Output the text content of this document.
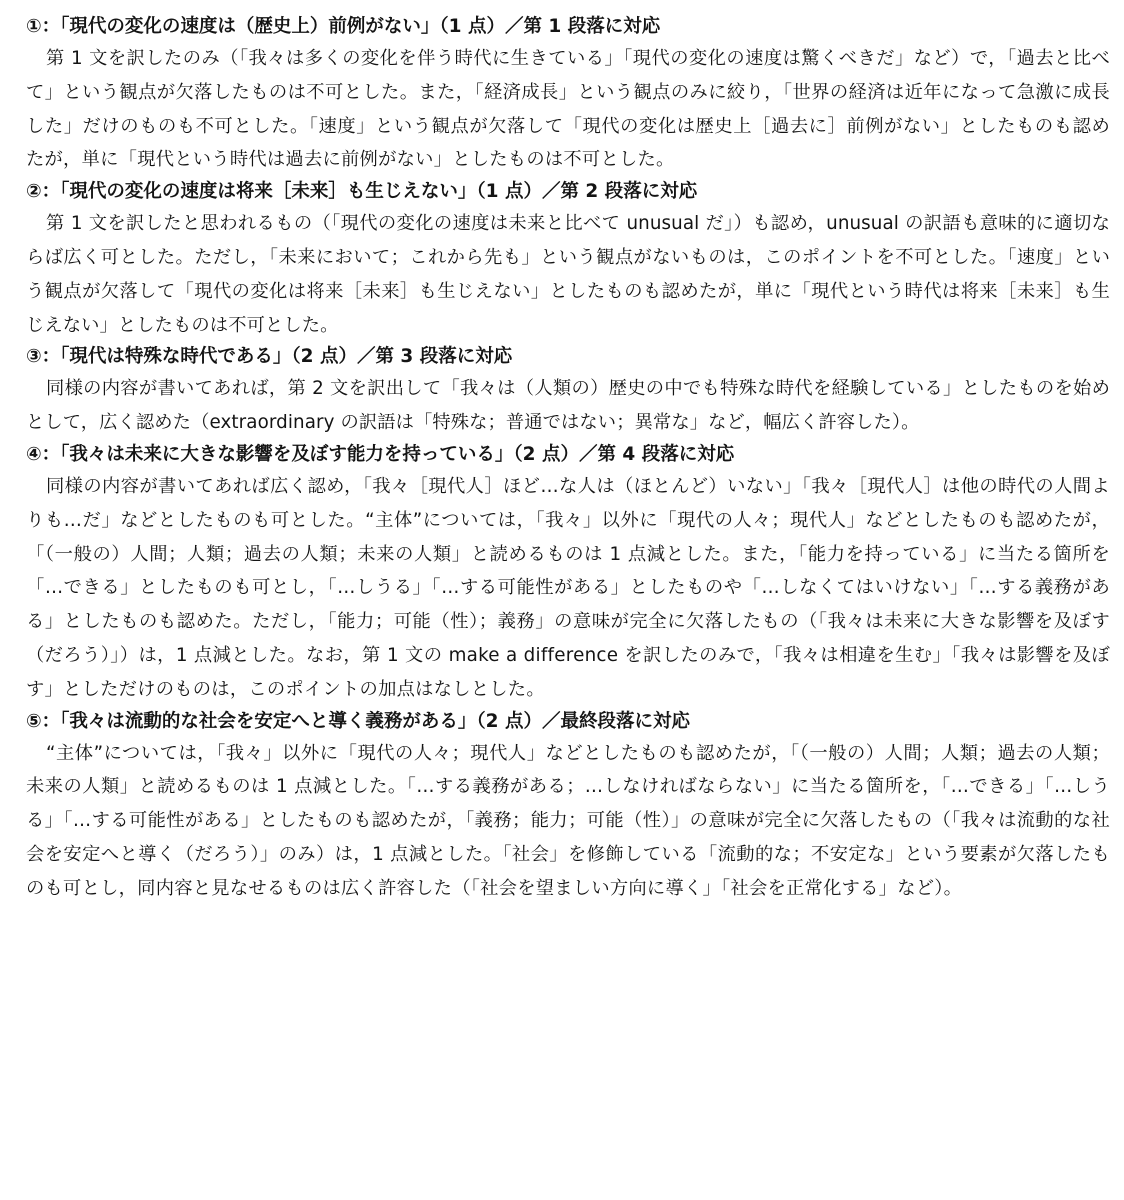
①：「現代の変化の速度は（歴史上）前例がない」（1 点）／第 1 段落に対応
第 1 文を訳したのみ（「我々は多くの変化を伴う時代に生きている」「現代の変化の速度は驚くべきだ」など）で，「過去と比べて」という観点が欠落したものは不可とした。また，「経済成長」という観点のみに絞り，「世界の経済は近年になって急激に成長した」だけのものも不可とした。「速度」という観点が欠落して「現代の変化は歴史上［過去に］前例がない」としたものも認めたが，単に「現代という時代は過去に前例がない」としたものは不可とした。
②：「現代の変化の速度は将来［未来］も生じえない」（1 点）／第 2 段落に対応
第 1 文を訳したと思われるもの（「現代の変化の速度は未来と比べて unusual だ」）も認め，unusual の訳語も意味的に適切ならば広く可とした。ただし，「未来において；これから先も」という観点がないものは，このポイントを不可とした。「速度」という観点が欠落して「現代の変化は将来［未来］も生じえない」としたものも認めたが，単に「現代という時代は将来［未来］も生じえない」としたものは不可とした。
③：「現代は特殊な時代である」（2 点）／第 3 段落に対応
同様の内容が書いてあれば，第 2 文を訳出して「我々は（人類の）歴史の中でも特殊な時代を経験している」としたものを始めとして，広く認めた（extraordinary の訳語は「特殊な；普通ではない；異常な」など，幅広く許容した）。
④：「我々は未来に大きな影響を及ぼす能力を持っている」（2 点）／第 4 段落に対応
同様の内容が書いてあれば広く認め，「我々［現代人］ほど…な人は（ほとんど）いない」「我々［現代人］は他の時代の人間よりも…だ」などとしたものも可とした。“主体”については，「我々」以外に「現代の人々；現代人」などとしたものも認めたが，「（一般の）人間；人類；過去の人類；未来の人類」と読めるものは 1 点減とした。また，「能力を持っている」に当たる箇所を「…できる」としたものも可とし，「…しうる」「…する可能性がある」としたものや「…しなくてはいけない」「…する義務がある」としたものも認めた。ただし，「能力；可能（性）；義務」の意味が完全に欠落したもの（「我々は未来に大きな影響を及ぼす（だろう）」）は，1 点減とした。なお，第 1 文の make a difference を訳したのみで，「我々は相違を生む」「我々は影響を及ぼす」としただけのものは，このポイントの加点はなしとした。
⑤：「我々は流動的な社会を安定へと導く義務がある」（2 点）／最終段落に対応
“主体”については，「我々」以外に「現代の人々；現代人」などとしたものも認めたが，「（一般の）人間；人類；過去の人類；未来の人類」と読めるものは 1 点減とした。「…する義務がある；…しなければならない」に当たる箇所を，「…できる」「…しうる」「…する可能性がある」としたものも認めたが，「義務；能力；可能（性）」の意味が完全に欠落したもの（「我々は流動的な社会を安定へと導く（だろう）」のみ）は，1 点減とした。「社会」を修飾している「流動的な；不安定な」という要素が欠落したものも可とし，同内容と見なせるものは広く許容した（「社会を望ましい方向に導く」「社会を正常化する」など）。
